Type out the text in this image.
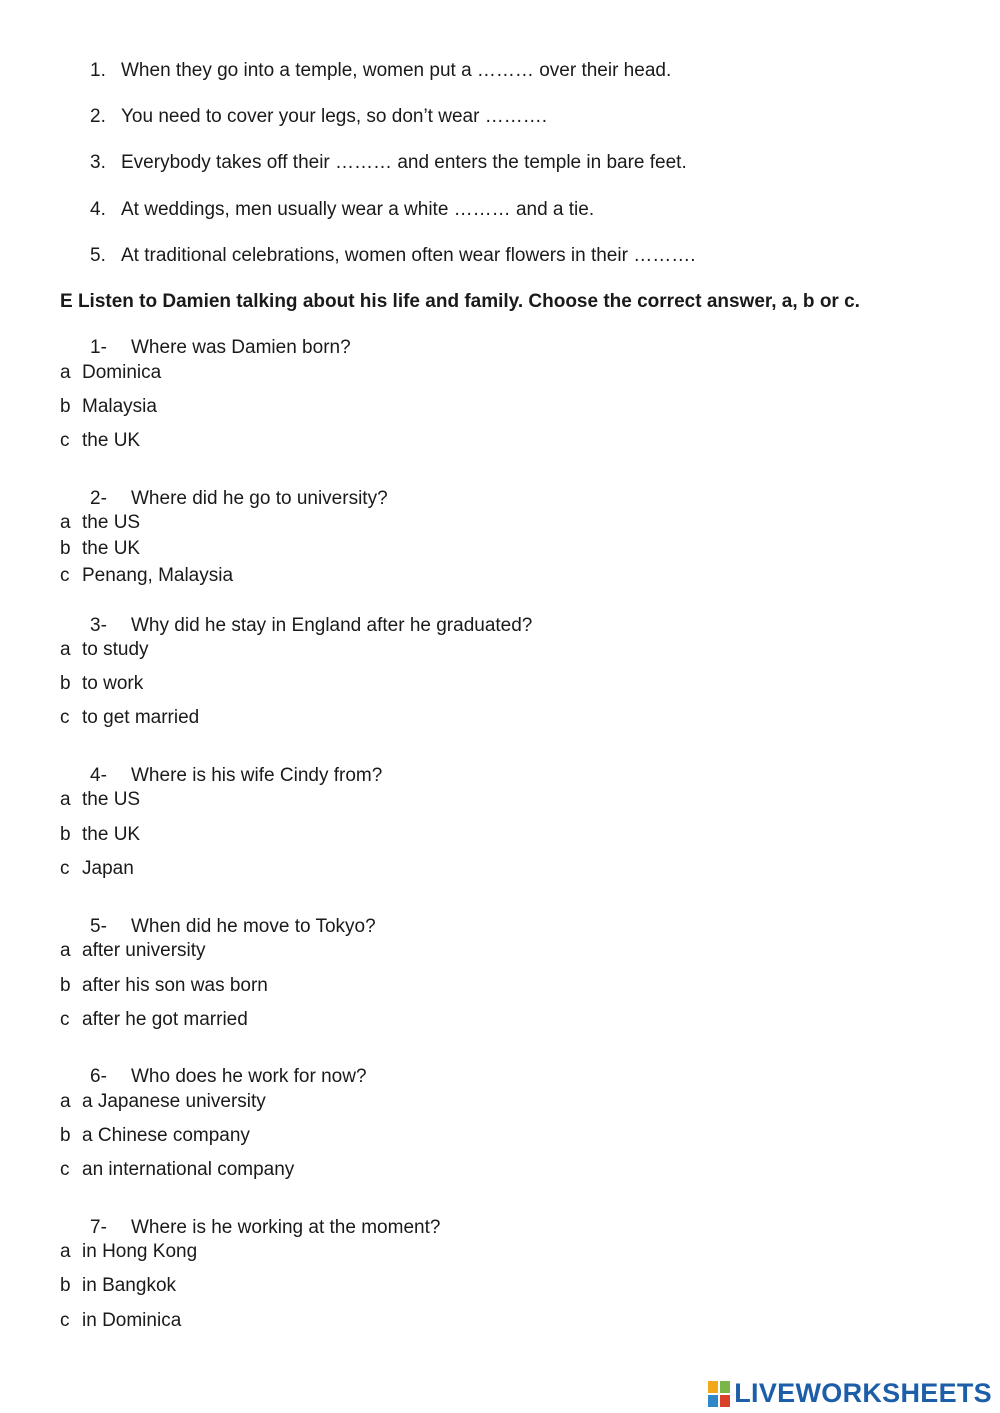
1. When they go into a temple, women put a ……… over their head.
2. You need to cover your legs, so don’t wear ……….
3. Everybody takes off their ……… and enters the temple in bare feet.
4. At weddings, men usually wear a white ……… and a tie.
5. At traditional celebrations, women often wear flowers in their ……….
E Listen to Damien talking about his life and family. Choose the correct answer, a, b or c.
1- Where was Damien born?
a Dominica
b Malaysia
c the UK
2- Where did he go to university?
a the US
b the UK
c Penang, Malaysia
3- Why did he stay in England after he graduated?
a to study
b to work
c to get married
4- Where is his wife Cindy from?
a the US
b the UK
c Japan
5- When did he move to Tokyo?
a after university
b after his son was born
c after he got married
6- Who does he work for now?
a a Japanese university
b a Chinese company
c an international company
7- Where is he working at the moment?
a in Hong Kong
b in Bangkok
c in Dominica
LIVEWORKSHEETS
